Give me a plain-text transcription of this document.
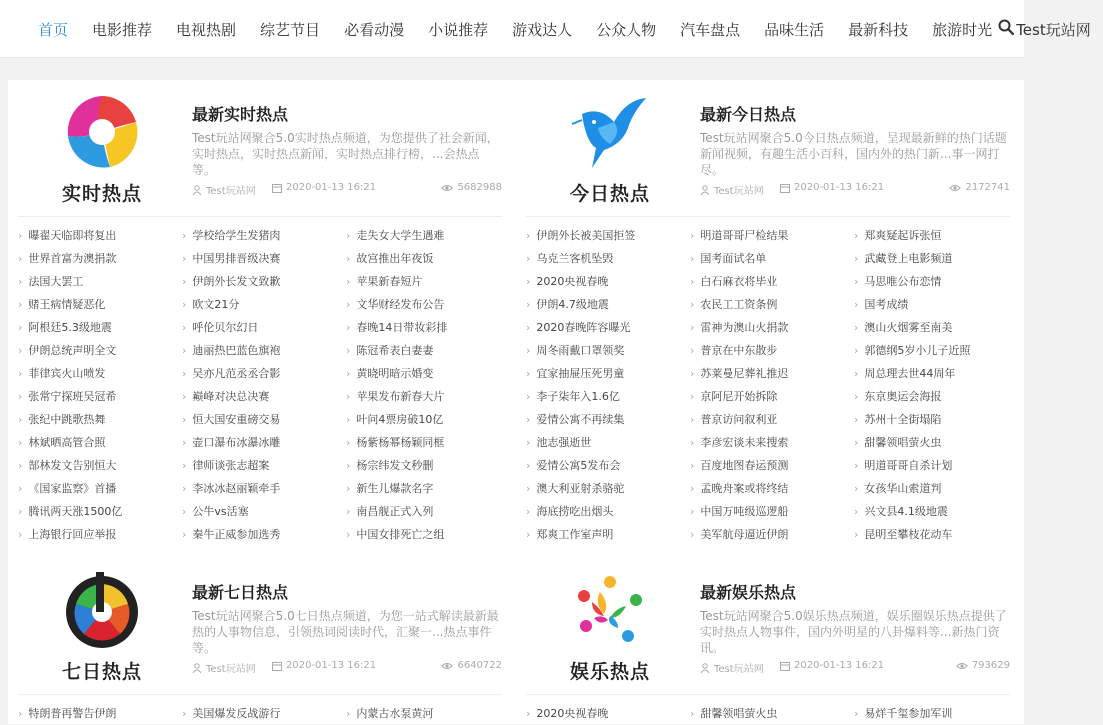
首页	电影推荐	电视热剧	综艺节目	必看动漫	小说推荐	游戏达人	公众人物	汽车盘点	品味生活	最新科技	旅游时光	Test玩站网
实时热点
最新实时热点
Test玩站网聚合5.0实时热点频道，为您提供了社会新闻，实时热点，实时热点新闻，实时热点排行榜，...会热点等。
Test玩站网	2020-01-13 16:21	5682988
› 曝翟天临即将复出	› 学校给学生发猪肉	› 走失女大学生遇难
› 世界首富为澳捐款	› 中国男排晋级决赛	› 故宫推出年夜饭
› 法国大罢工	› 伊朗外长发文致歉	› 苹果新春短片
› 赌王病情疑恶化	› 欧文21分	› 文华财经发布公告
› 阿根廷5.3级地震	› 呼伦贝尔幻日	› 春晚14日带妆彩排
› 伊朗总统声明全文	› 迪丽热巴蓝色旗袍	› 陈冠希表白妻妻
› 菲律宾火山喷发	› 吴亦凡范丞丞合影	› 黄晓明暗示婚变
› 张常宁探班吴冠希	› 巅峰对决总决赛	› 苹果发布新春大片
› 张纪中跳歌热舞	› 恒大国安重磅交易	› 叶问4票房破10亿
› 林斌晒高管合照	› 壶口瀑布冰瀑冰雕	› 杨紫杨幂杨颖同框
› 郜林发文告别恒大	› 律师谈张志超案	› 杨宗纬发文秒删
› 《国家监察》首播	› 李冰冰赵丽颖牵手	› 新生儿爆款名字
› 腾讯两天涨1500亿	› 公牛vs活塞	› 南昌舰正式入列
› 上海银行回应举报	› 秦牛正威参加选秀	› 中国女排死亡之组
今日热点
最新今日热点
Test玩站网聚合5.0今日热点频道，呈现最新鲜的热门话题新闻视频，有趣生活小百科，国内外的热门新...事一网打尽。
Test玩站网	2020-01-13 16:21	2172741
› 伊朗外长被美国拒签	› 明道哥哥尸检结果	› 郑爽疑起诉张恒
› 乌克兰客机坠毁	› 国考面试名单	› 武藏登上电影频道
› 2020央视春晚	› 白石麻衣将毕业	› 马思唯公布恋情
› 伊朗4.7级地震	› 农民工工资条例	› 国考成绩
› 2020春晚阵容曝光	› 雷神为澳山火捐款	› 澳山火烟雾至南美
› 周冬雨戴口罩领奖	› 普京在中东散步	› 郭德纲5岁小儿子近照
› 宜家抽屉压死男童	› 苏莱曼尼葬礼推迟	› 周总理去世44周年
› 李子柒年入1.6亿	› 京阿尼开始拆除	› 东京奥运会海报
› 爱情公寓不再续集	› 普京访问叙利亚	› 苏州十全街塌陷
› 池志强逝世	› 李彦宏谈未来搜索	› 甜馨领唱萤火虫
› 爱情公寓5发布会	› 百度地图春运预测	› 明道哥哥自杀计划
› 澳大利亚射杀骆驼	› 孟晚舟案或将终结	› 女孩华山索道判
› 海底捞吃出烟头	› 中国万吨级巡逻船	› 兴文县4.1级地震
› 郑爽工作室声明	› 美军航母逼近伊朗	› 昆明至攀枝花动车
七日热点
最新七日热点
Test玩站网聚合5.0七日热点频道，为您一站式解读最新最热的人事物信息，引领热词阅读时代，汇聚一...热点事件等。
Test玩站网	2020-01-13 16:21	6640722
› 特朗普再警告伊朗	› 美国爆发反战游行	› 内蒙古水泵黄河
娱乐热点
最新娱乐热点
Test玩站网聚合5.0娱乐热点频道，娱乐圈娱乐热点提供了实时热点人物事件，国内外明星的八卦爆料等...新热门资讯。
Test玩站网	2020-01-13 16:21	793629
› 2020央视春晚	› 甜馨领唱萤火虫	› 易烊千玺参加军训
